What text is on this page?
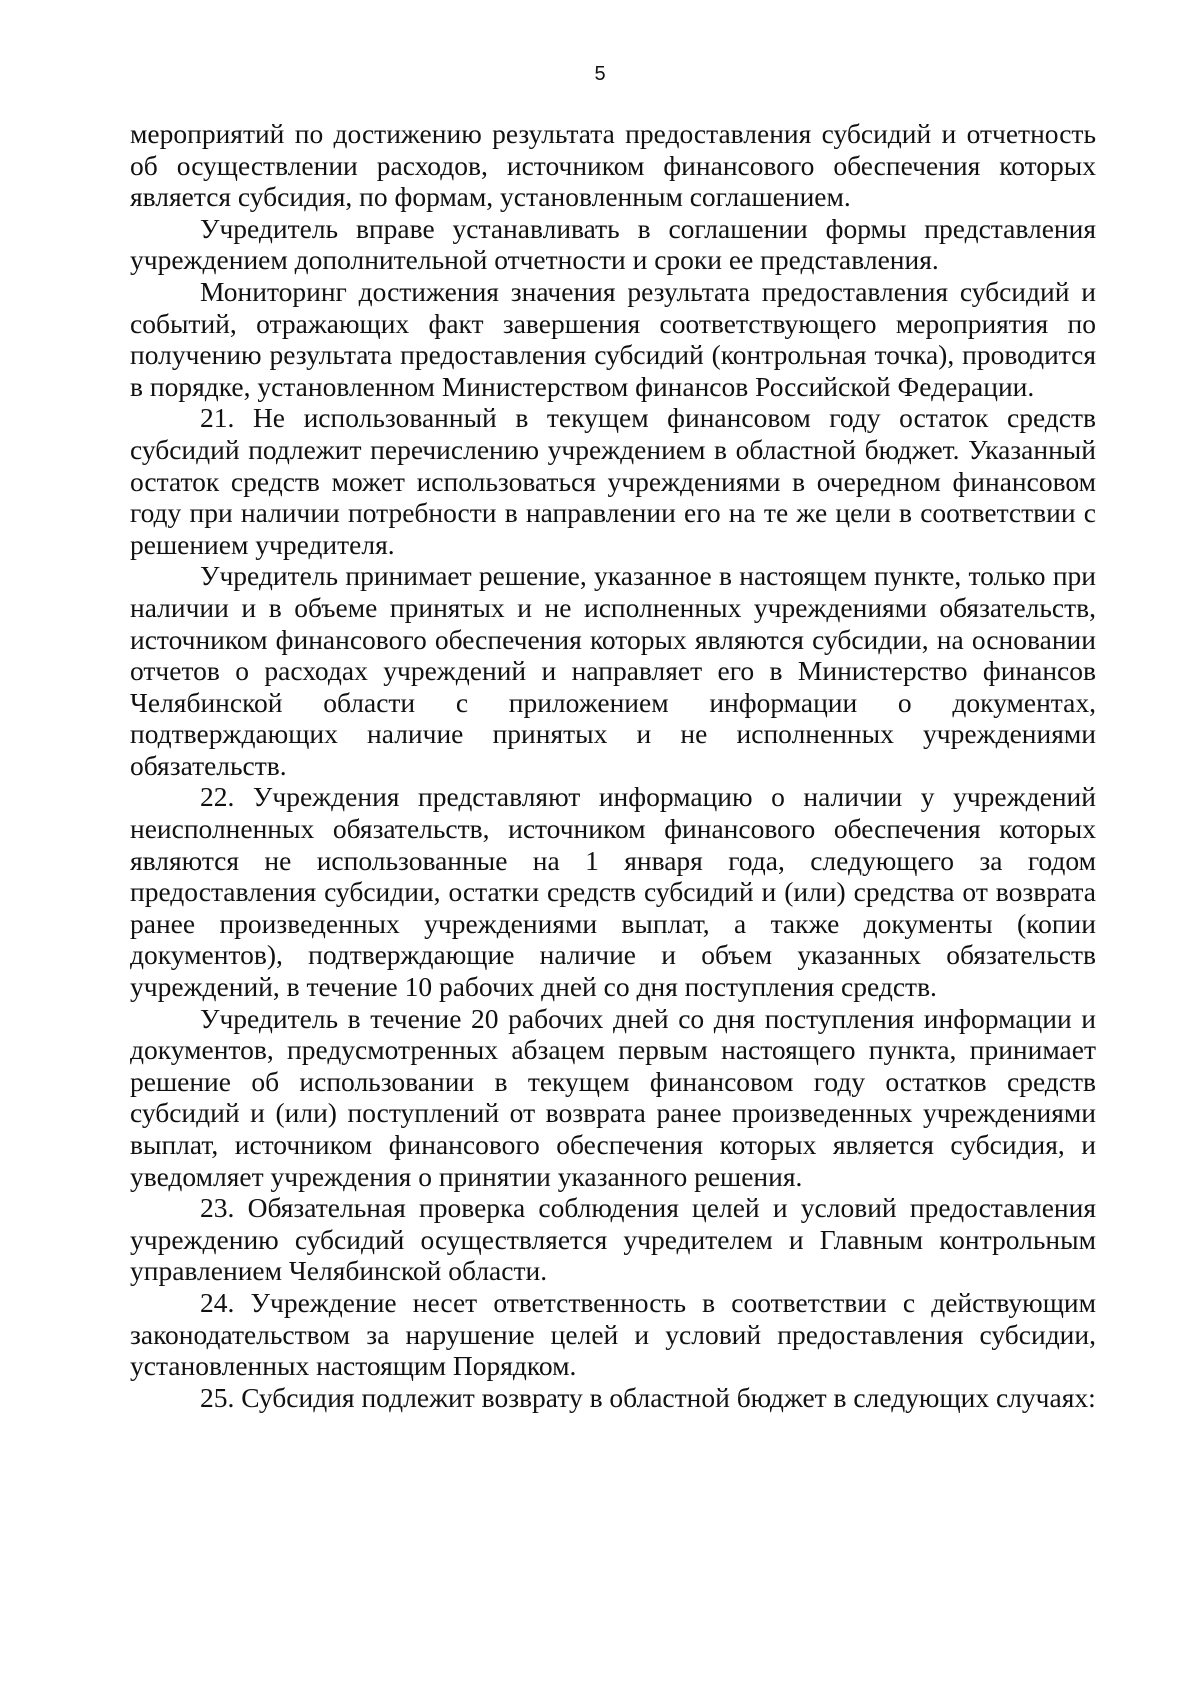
5

мероприятий по достижению результата предоставления субсидий и отчетность об осуществлении расходов, источником финансового обеспечения которых является субсидия, по формам, установленным соглашением.

Учредитель вправе устанавливать в соглашении формы представления учреждением дополнительной отчетности и сроки ее представления.

Мониторинг достижения значения результата предоставления субсидий и событий, отражающих факт завершения соответствующего мероприятия по получению результата предоставления субсидий (контрольная точка), проводится в порядке, установленном Министерством финансов Российской Федерации.

21. Не использованный в текущем финансовом году остаток средств субсидий подлежит перечислению учреждением в областной бюджет. Указанный остаток средств может использоваться учреждениями в очередном финансовом году при наличии потребности в направлении его на те же цели в соответствии с решением учредителя.

Учредитель принимает решение, указанное в настоящем пункте, только при наличии и в объеме принятых и не исполненных учреждениями обязательств, источником финансового обеспечения которых являются субсидии, на основании отчетов о расходах учреждений и направляет его в Министерство финансов Челябинской области с приложением информации о документах, подтверждающих наличие принятых и не исполненных учреждениями обязательств.

22. Учреждения представляют информацию о наличии у учреждений неисполненных обязательств, источником финансового обеспечения которых являются не использованные на 1 января года, следующего за годом предоставления субсидии, остатки средств субсидий и (или) средства от возврата ранее произведенных учреждениями выплат, а также документы (копии документов), подтверждающие наличие и объем указанных обязательств учреждений, в течение 10 рабочих дней со дня поступления средств.

Учредитель в течение 20 рабочих дней со дня поступления информации и документов, предусмотренных абзацем первым настоящего пункта, принимает решение об использовании в текущем финансовом году остатков средств субсидий и (или) поступлений от возврата ранее произведенных учреждениями выплат, источником финансового обеспечения которых является субсидия, и уведомляет учреждения о принятии указанного решения.

23. Обязательная проверка соблюдения целей и условий предоставления учреждению субсидий осуществляется учредителем и Главным контрольным управлением Челябинской области.

24. Учреждение несет ответственность в соответствии с действующим законодательством за нарушение целей и условий предоставления субсидии, установленных настоящим Порядком.

25. Субсидия подлежит возврату в областной бюджет в следующих случаях:
